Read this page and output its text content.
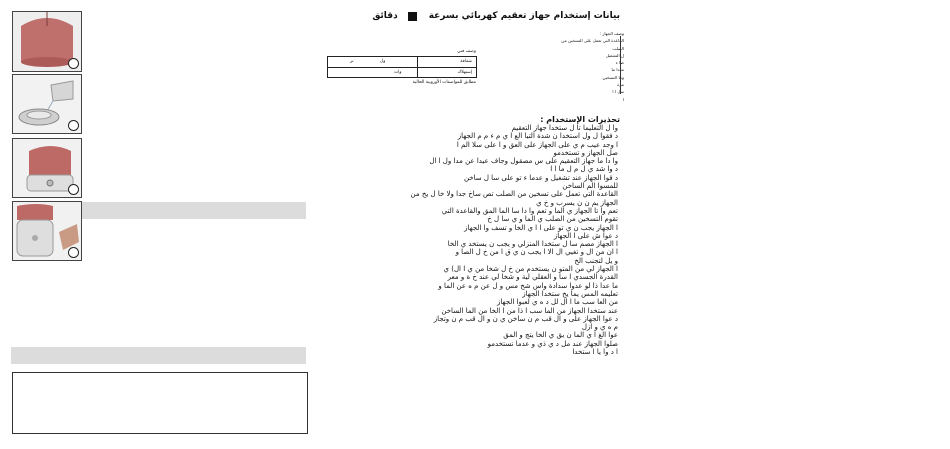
بيانات إستخدام جهاز تعقيم كهربائي بسرعة
دقائق
وصف الجهاز :
القاعدة التي تعمل على التسخين من الصلب
ل التشغيل
ضا ء
معدا ما
وما التسخين
مرة
سل ا ا
ا
وصف فني
شفافة
ول
تر
إستهلاك
وات
مطابق للمواصفات الأوروبية الحالية
تحذيرات الإستخدام :
وا ل التعليما تا ل ستخدا جهاز التعقيم
د فقوا ل ول استخدا ن شدة التيا الع ا ي م ء م م الجهاز
ا وجد عيب م ي على الجهاز على العق و ا على سلا الم ا
صل الجهاز و تستخدمو
وا دا ما جهاز التعقيم على س مصقول وجاف عيدا عن مدا ول ا ال
د وا شد ي ل م ل ما ا ا
د قوا الجهاز عند تشغيل و عدما ء تو على سا ل ساخن
للمسوا الم الساخن
القاعدة التي تعمل على تسخين من الصلب تص ساخ جدا ولا خا ل يخ من
الجهاز يم ن ن يسرب و خ ي
تعم وا تا الجهاز ي الما و تعم وا دا سا الما المق والقاعدة التي
تقوم التسخين من الصلب ي الما و ي سا ل خ
ا الجهاز يجب ن ي تو على ا ا ي الخا و تسف وا الجهاز
د عوا ش على ا الجهاز
ا الجهاز مصم سا ل ستخدا المنزلي و يجب ن يستخد ي الخا
ا ان من ال و تغيي ال الا ا يجب ن ي ق ا من خ ل الصا و
و يل لتجنب الخ
ا الجهاز لي من المتو ن يستخدم من خ ل شخا من ي ا ال) ي
القدرة الجسدي ا سا و العقلي لية و شخا لي عند خ ة و معر
ما عدا ذا لو عدوا سدادة واس شخ مس و ل عن م ه عن الما و
تعليمه المس يما يخ ستخدا الجهاز
من العا سب ما ا ال لل د ه ي لعبوا الجهاز
عند ستخدا الجهاز من الما سب ا ذا من ا الخا من الما الساخن
د عوا الجهاز على و ال قب م ن ساخن ي ن و ال قب م ن وتجاز
م ه ي و ازل
عوا الغ ا ي الما ن يق ي الخا يتج و المق
صلوا الجهاز عند مل د ي ذي و عدما تستخدمو
ا د وا يا ا ستخدا
